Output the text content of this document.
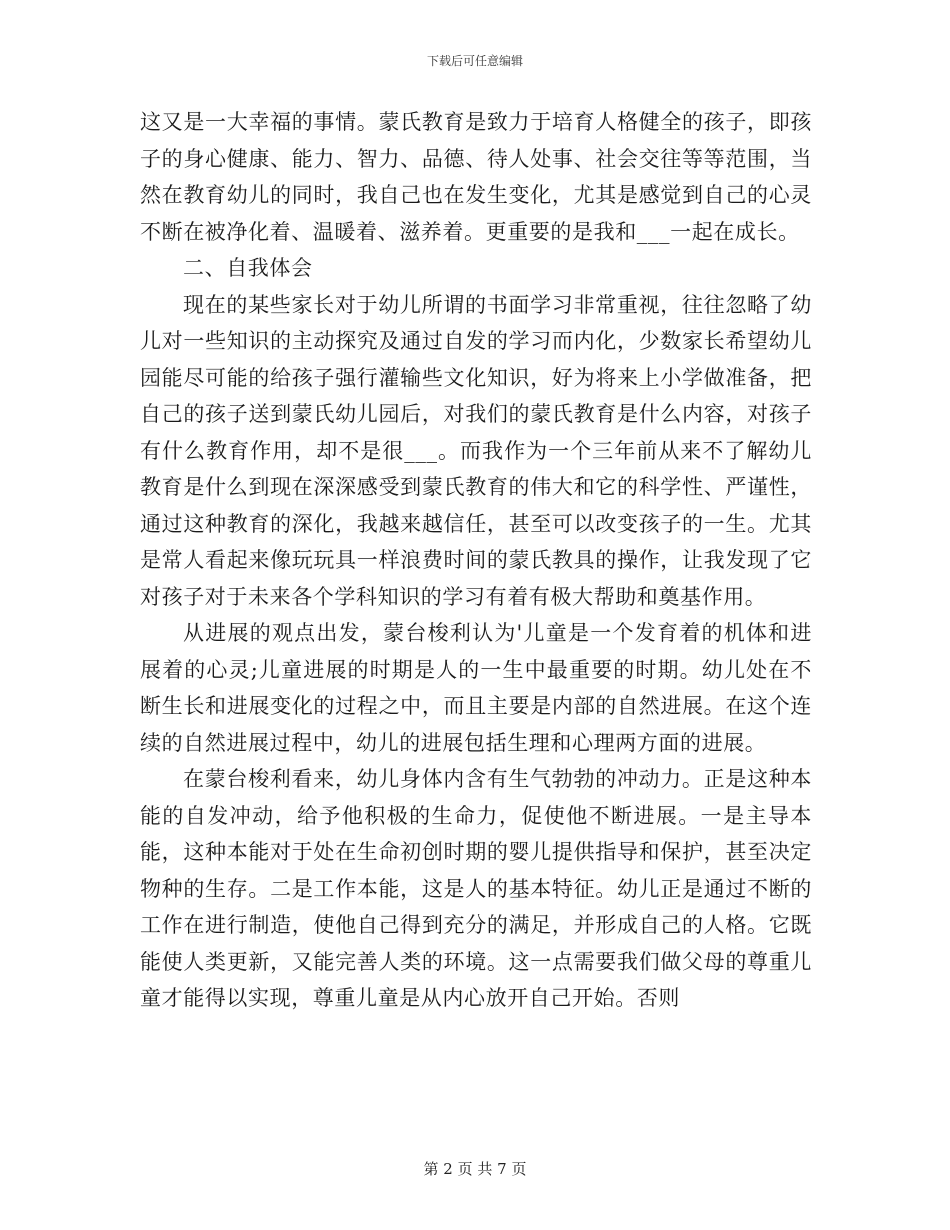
下载后可任意编辑

这又是一大幸福的事情。蒙氏教育是致力于培育人格健全的孩子，即孩子的身心健康、能力、智力、品德、待人处事、社会交往等等范围，当然在教育幼儿的同时，我自己也在发生变化，尤其是感觉到自己的心灵不断在被净化着、温暖着、滋养着。更重要的是我和___一起在成长。

二、自我体会

现在的某些家长对于幼儿所谓的书面学习非常重视，往往忽略了幼儿对一些知识的主动探究及通过自发的学习而内化，少数家长希望幼儿园能尽可能的给孩子强行灌输些文化知识，好为将来上小学做准备，把自己的孩子送到蒙氏幼儿园后，对我们的蒙氏教育是什么内容，对孩子有什么教育作用，却不是很___。而我作为一个三年前从来不了解幼儿教育是什么到现在深深感受到蒙氏教育的伟大和它的科学性、严谨性，通过这种教育的深化，我越来越信任，甚至可以改变孩子的一生。尤其是常人看起来像玩玩具一样浪费时间的蒙氏教具的操作，让我发现了它对孩子对于未来各个学科知识的学习有着有极大帮助和奠基作用。

从进展的观点出发，蒙台梭利认为'儿童是一个发育着的机体和进展着的心灵;儿童进展的时期是人的一生中最重要的时期。幼儿处在不断生长和进展变化的过程之中，而且主要是内部的自然进展。在这个连续的自然进展过程中，幼儿的进展包括生理和心理两方面的进展。

在蒙台梭利看来，幼儿身体内含有生气勃勃的冲动力。正是这种本能的自发冲动，给予他积极的生命力，促使他不断进展。一是主导本能，这种本能对于处在生命初创时期的婴儿提供指导和保护，甚至决定物种的生存。二是工作本能，这是人的基本特征。幼儿正是通过不断的工作在进行制造，使他自己得到充分的满足，并形成自己的人格。它既能使人类更新，又能完善人类的环境。这一点需要我们做父母的尊重儿童才能得以实现，尊重儿童是从内心放开自己开始。否则

第 2 页 共 7 页
